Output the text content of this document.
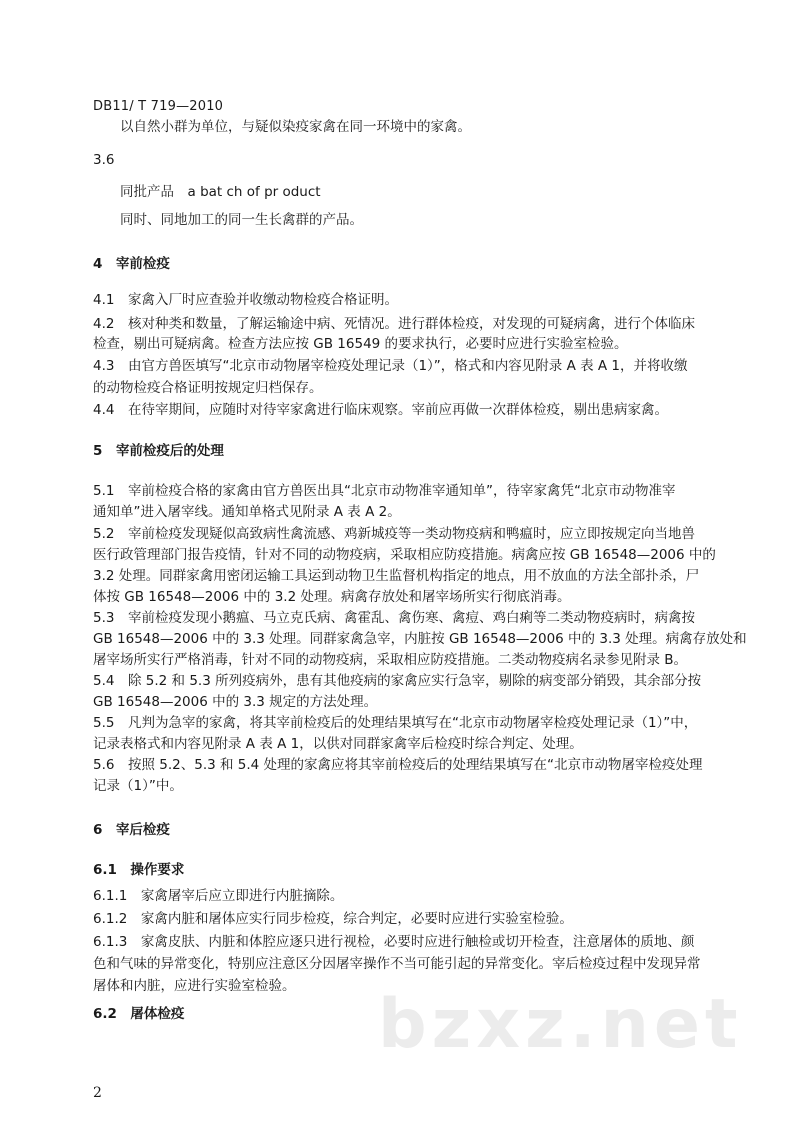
DB11/ T 719—2010
以自然小群为单位，与疑似染疫家禽在同一环境中的家禽。
3.6
同批产品　a bat ch of pr oduct
同时、同地加工的同一生长禽群的产品。
4　宰前检疫
4.1　家禽入厂时应查验并收缴动物检疫合格证明。
4.2　核对种类和数量，了解运输途中病、死情况。进行群体检疫，对发现的可疑病禽，进行个体临床
检查，剔出可疑病禽。检查方法应按 GB 16549 的要求执行，必要时应进行实验室检验。
4.3　由官方兽医填写“北京市动物屠宰检疫处理记录（1）”，格式和内容见附录 A 表 A 1，并将收缴
的动物检疫合格证明按规定归档保存。
4.4　在待宰期间，应随时对待宰家禽进行临床观察。宰前应再做一次群体检疫，剔出患病家禽。
5　宰前检疫后的处理
5.1　宰前检疫合格的家禽由官方兽医出具“北京市动物准宰通知单”，待宰家禽凭“北京市动物准宰
通知单”进入屠宰线。通知单格式见附录 A 表 A 2。
5.2　宰前检疫发现疑似高致病性禽流感、鸡新城疫等一类动物疫病和鸭瘟时，应立即按规定向当地兽
医行政管理部门报告疫情，针对不同的动物疫病，采取相应防疫措施。病禽应按 GB 16548—2006 中的
3.2 处理。同群家禽用密闭运输工具运到动物卫生监督机构指定的地点，用不放血的方法全部扑杀，尸
体按 GB 16548—2006 中的 3.2 处理。病禽存放处和屠宰场所实行彻底消毒。
5.3　宰前检疫发现小鹅瘟、马立克氏病、禽霍乱、禽伤寒、禽痘、鸡白痢等二类动物疫病时，病禽按
GB 16548—2006 中的 3.3 处理。同群家禽急宰，内脏按 GB 16548—2006 中的 3.3 处理。病禽存放处和
屠宰场所实行严格消毒，针对不同的动物疫病，采取相应防疫措施。二类动物疫病名录参见附录 B。
5.4　除 5.2 和 5.3 所列疫病外，患有其他疫病的家禽应实行急宰，剔除的病变部分销毁，其余部分按
GB 16548—2006 中的 3.3 规定的方法处理。
5.5　凡判为急宰的家禽，将其宰前检疫后的处理结果填写在“北京市动物屠宰检疫处理记录（1）”中，
记录表格式和内容见附录 A 表 A 1，以供对同群家禽宰后检疫时综合判定、处理。
5.6　按照 5.2、5.3 和 5.4 处理的家禽应将其宰前检疫后的处理结果填写在“北京市动物屠宰检疫处理
记录（1）”中。
6　宰后检疫
6.1　操作要求
6.1.1　家禽屠宰后应立即进行内脏摘除。
6.1.2　家禽内脏和屠体应实行同步检疫，综合判定，必要时应进行实验室检验。
6.1.3　家禽皮肤、内脏和体腔应逐只进行视检，必要时应进行触检或切开检查，注意屠体的质地、颜
色和气味的异常变化，特别应注意区分因屠宰操作不当可能引起的异常变化。宰后检疫过程中发现异常
屠体和内脏，应进行实验室检验。
6.2　屠体检疫	bzxz.net
2
